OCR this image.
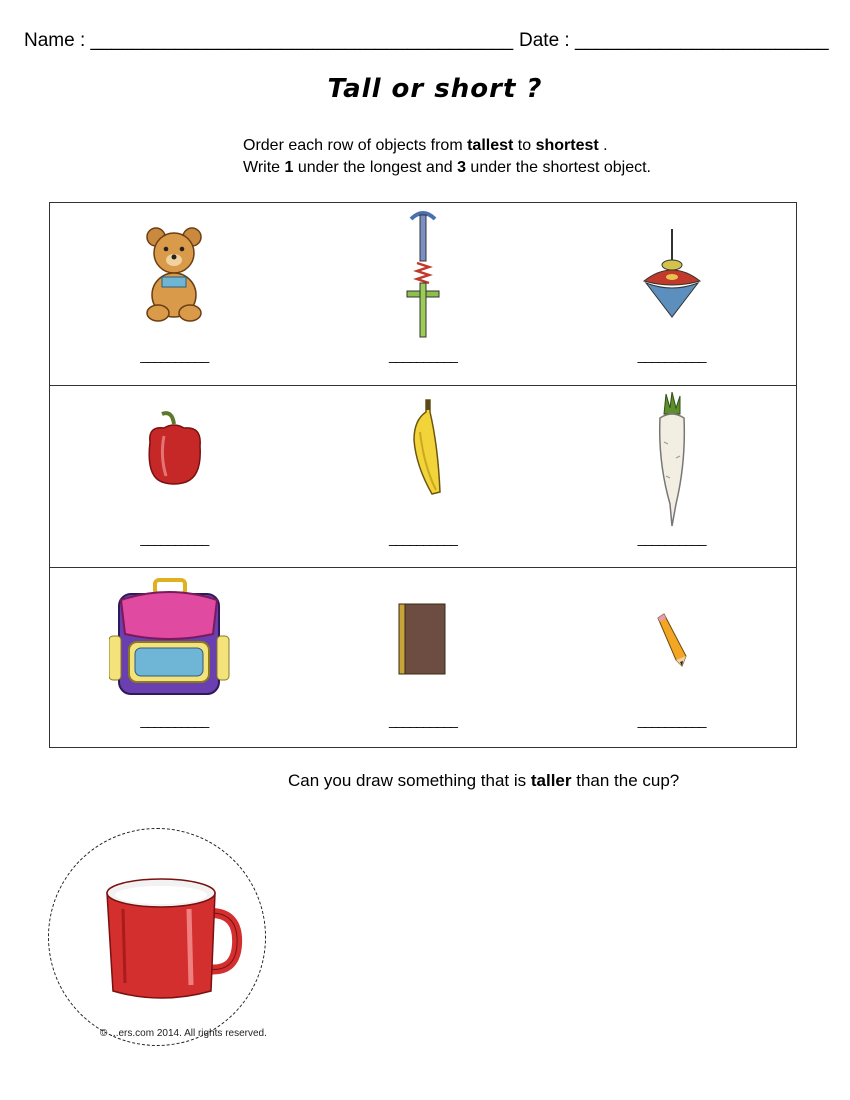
Name : ________________________________________ Date : ________________________
Tall or short ?
Order each row of objects from tallest to shortest .
Write 1 under the longest and 3 under the shortest object.
__________	__________	__________
__________	__________	__________
__________	__________	__________
Can you draw something that is taller than the cup?
© ...ers.com 2014. All rights reserved.
